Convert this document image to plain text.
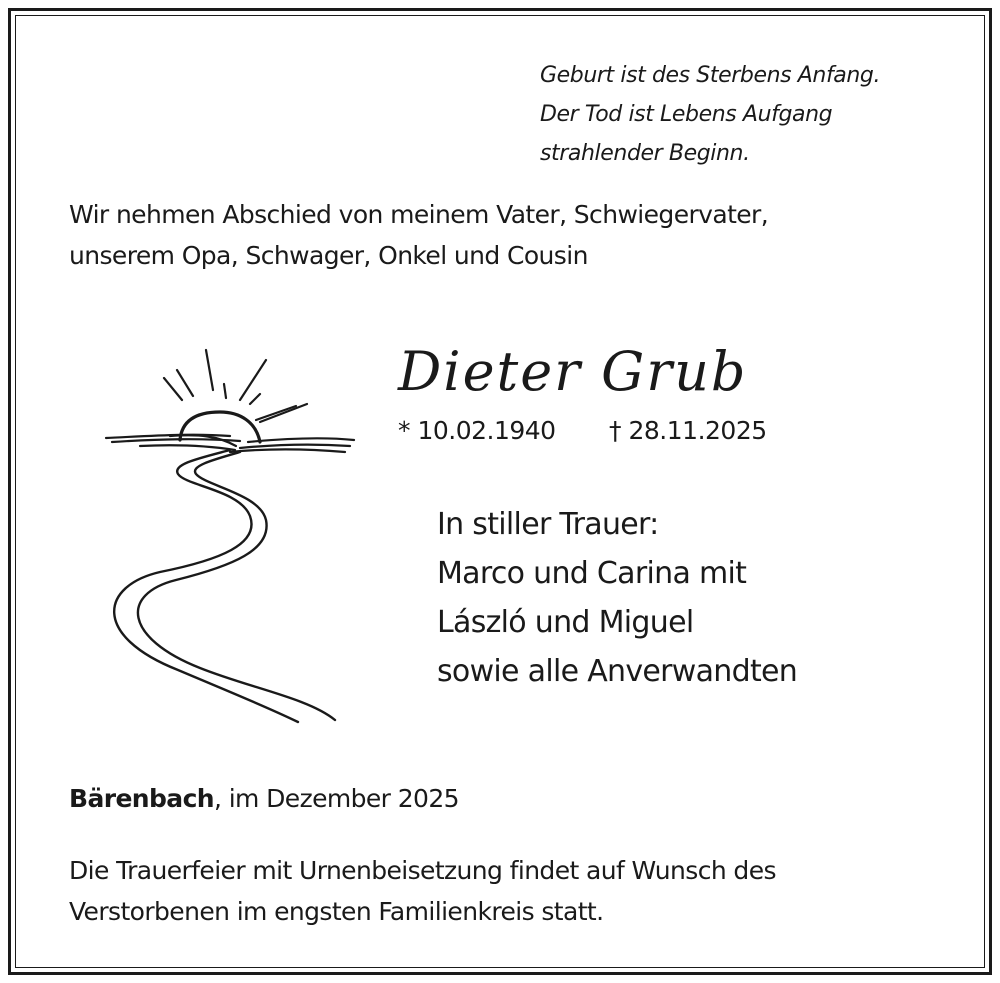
Geburt ist des Sterbens Anfang.
Der Tod ist Lebens Aufgang
strahlender Beginn.
Wir nehmen Abschied von meinem Vater, Schwiegervater,
unserem Opa, Schwager, Onkel und Cousin
Dieter Grub
* 10.02.1940 † 28.11.2025
In stiller Trauer:
Marco und Carina mit
László und Miguel
sowie alle Anverwandten
Bärenbach, im Dezember 2025
Die Trauerfeier mit Urnenbeisetzung findet auf Wunsch des
Verstorbenen im engsten Familienkreis statt.
